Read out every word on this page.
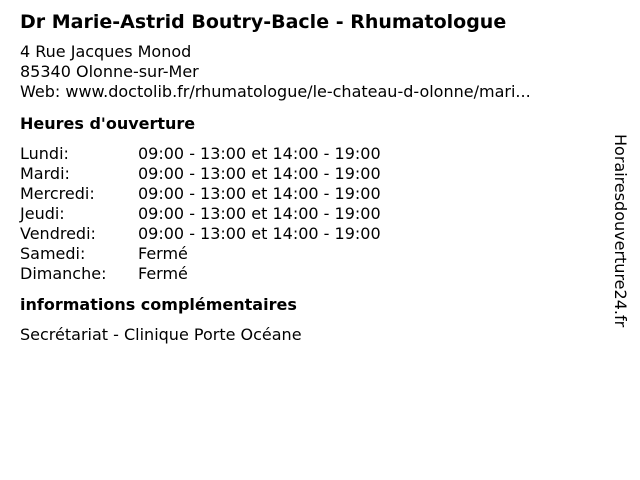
Dr Marie-Astrid Boutry-Bacle - Rhumatologue
4 Rue Jacques Monod
85340 Olonne-sur-Mer
Web: www.doctolib.fr/rhumatologue/le-chateau-d-olonne/mari...
Heures d'ouverture
Lundi:	09:00 - 13:00 et 14:00 - 19:00
Mardi:	09:00 - 13:00 et 14:00 - 19:00
Mercredi:	09:00 - 13:00 et 14:00 - 19:00
Jeudi:	09:00 - 13:00 et 14:00 - 19:00
Vendredi:	09:00 - 13:00 et 14:00 - 19:00
Samedi:	Fermé
Dimanche:	Fermé
informations complémentaires
Secrétariat - Clinique Porte Océane
Horairesdouverture24.fr
